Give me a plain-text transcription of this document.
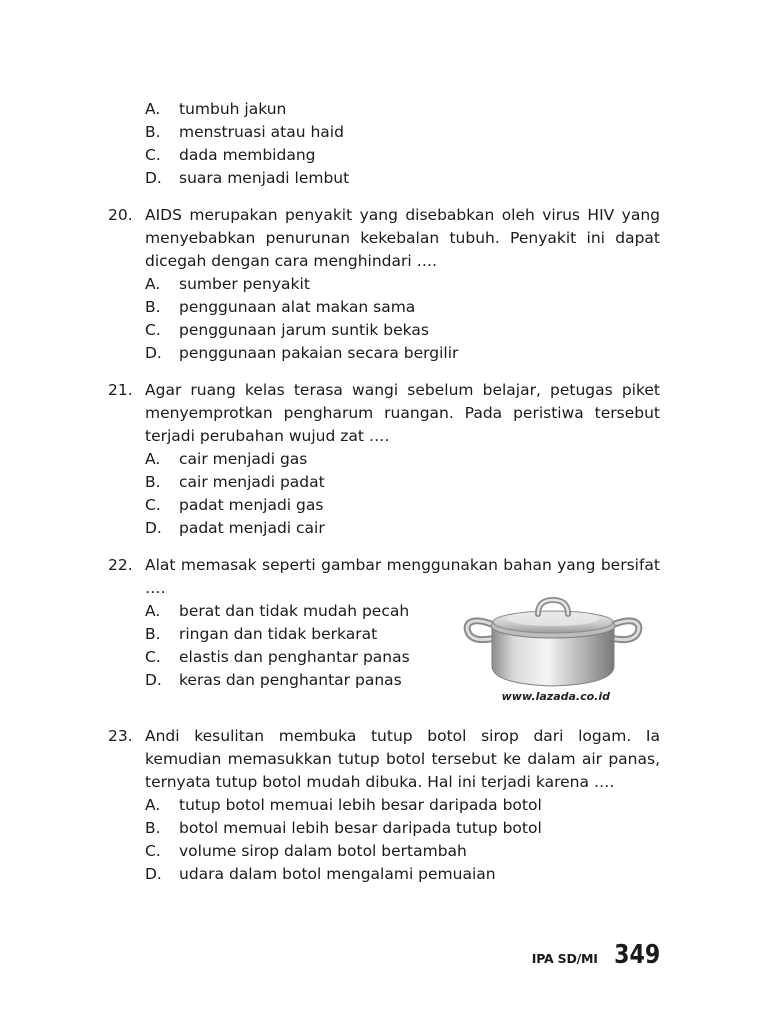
A.	tumbuh jakun
B.	menstruasi atau haid
C.	dada membidang
D.	suara menjadi lembut
20. AIDS merupakan penyakit yang disebabkan oleh virus HIV yang menyebabkan penurunan kekebalan tubuh. Penyakit ini dapat dicegah dengan cara menghindari ….
A.	sumber penyakit
B.	penggunaan alat makan sama
C.	penggunaan jarum suntik bekas
D.	penggunaan pakaian secara bergilir
21. Agar ruang kelas terasa wangi sebelum belajar, petugas piket menyemprotkan pengharum ruangan. Pada peristiwa tersebut terjadi perubahan wujud zat ….
A.	cair menjadi gas
B.	cair menjadi padat
C.	padat menjadi gas
D.	padat menjadi cair
22. Alat memasak seperti gambar menggunakan bahan yang bersifat ….
A.	berat dan tidak mudah pecah
B.	ringan dan tidak berkarat
C.	elastis dan penghantar panas
D.	keras dan penghantar panas
www.lazada.co.id
23. Andi kesulitan membuka tutup botol sirop dari logam. Ia kemudian memasukkan tutup botol tersebut ke dalam air panas, ternyata tutup botol mudah dibuka. Hal ini terjadi karena ….
A.	tutup botol memuai lebih besar daripada botol
B.	botol memuai lebih besar daripada tutup botol
C.	volume sirop dalam botol bertambah
D.	udara dalam botol mengalami pemuaian
IPA SD/MI 349
